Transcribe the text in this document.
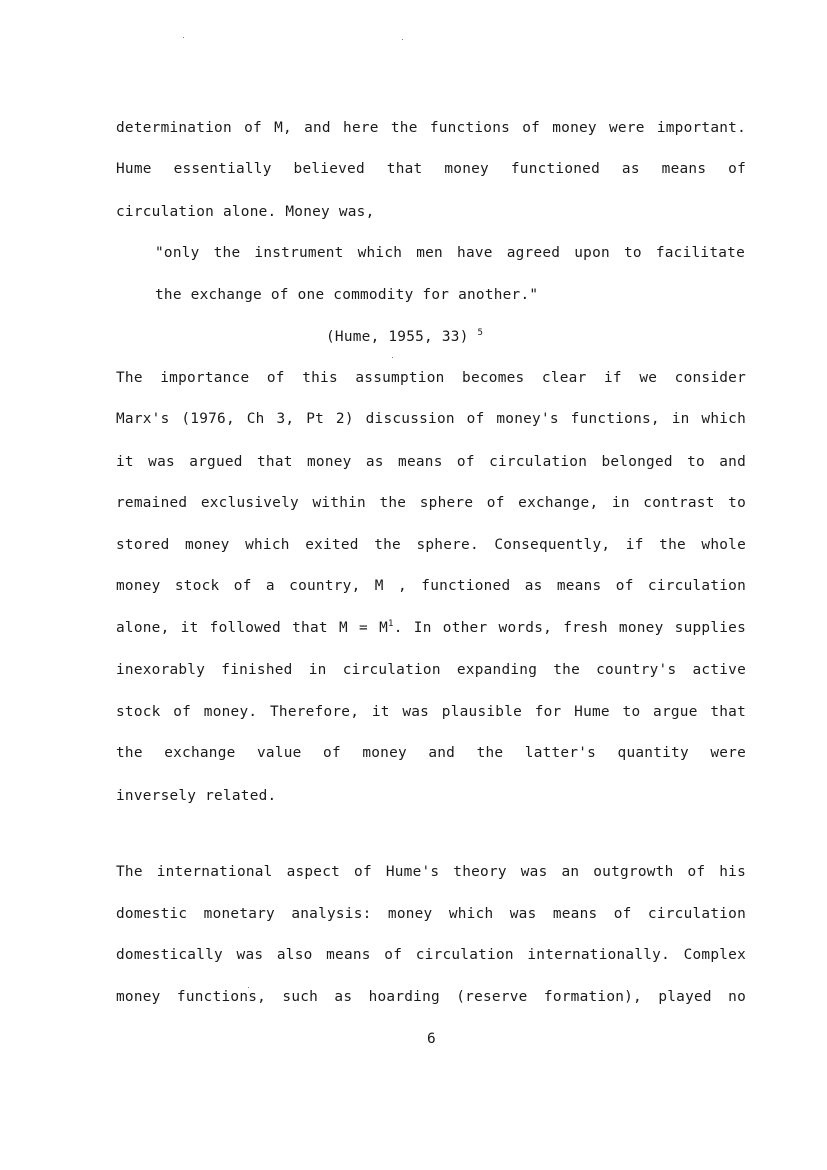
determination of M, and here the functions of money were important.
Hume essentially believed that money functioned as means of
circulation alone. Money was,
"only the instrument which men have agreed upon to facilitate
the exchange of one commodity for another."
(Hume, 1955, 33) $^5$
The importance of this assumption becomes clear if we consider
Marx's (1976, Ch 3, Pt 2) discussion of money's functions, in which
it was argued that money as means of circulation belonged to and
remained exclusively within the sphere of exchange, in contrast to
stored money which exited the sphere. Consequently, if the whole
money stock of a country, M , functioned as means of circulation
alone, it followed that $M = M^1$. In other words, fresh money supplies
inexorably finished in circulation expanding the country's active
stock of money. Therefore, it was plausible for Hume to argue that
the exchange value of money and the latter's quantity were
inversely related.
The international aspect of Hume's theory was an outgrowth of his
domestic monetary analysis: money which was means of circulation
domestically was also means of circulation internationally. Complex
money functions, such as hoarding (reserve formation), played no
6
